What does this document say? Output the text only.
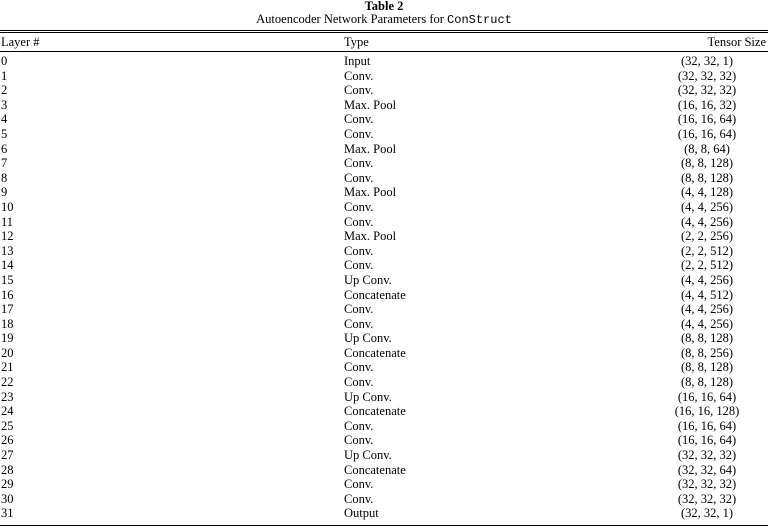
Table 2
Autoencoder Network Parameters for ConStruct
Layer #	Type	Tensor Size
0	Input	(32, 32, 1)
1	Conv.	(32, 32, 32)
2	Conv.	(32, 32, 32)
3	Max. Pool	(16, 16, 32)
4	Conv.	(16, 16, 64)
5	Conv.	(16, 16, 64)
6	Max. Pool	(8, 8, 64)
7	Conv.	(8, 8, 128)
8	Conv.	(8, 8, 128)
9	Max. Pool	(4, 4, 128)
10	Conv.	(4, 4, 256)
11	Conv.	(4, 4, 256)
12	Max. Pool	(2, 2, 256)
13	Conv.	(2, 2, 512)
14	Conv.	(2, 2, 512)
15	Up Conv.	(4, 4, 256)
16	Concatenate	(4, 4, 512)
17	Conv.	(4, 4, 256)
18	Conv.	(4, 4, 256)
19	Up Conv.	(8, 8, 128)
20	Concatenate	(8, 8, 256)
21	Conv.	(8, 8, 128)
22	Conv.	(8, 8, 128)
23	Up Conv.	(16, 16, 64)
24	Concatenate	(16, 16, 128)
25	Conv.	(16, 16, 64)
26	Conv.	(16, 16, 64)
27	Up Conv.	(32, 32, 32)
28	Concatenate	(32, 32, 64)
29	Conv.	(32, 32, 32)
30	Conv.	(32, 32, 32)
31	Output	(32, 32, 1)
